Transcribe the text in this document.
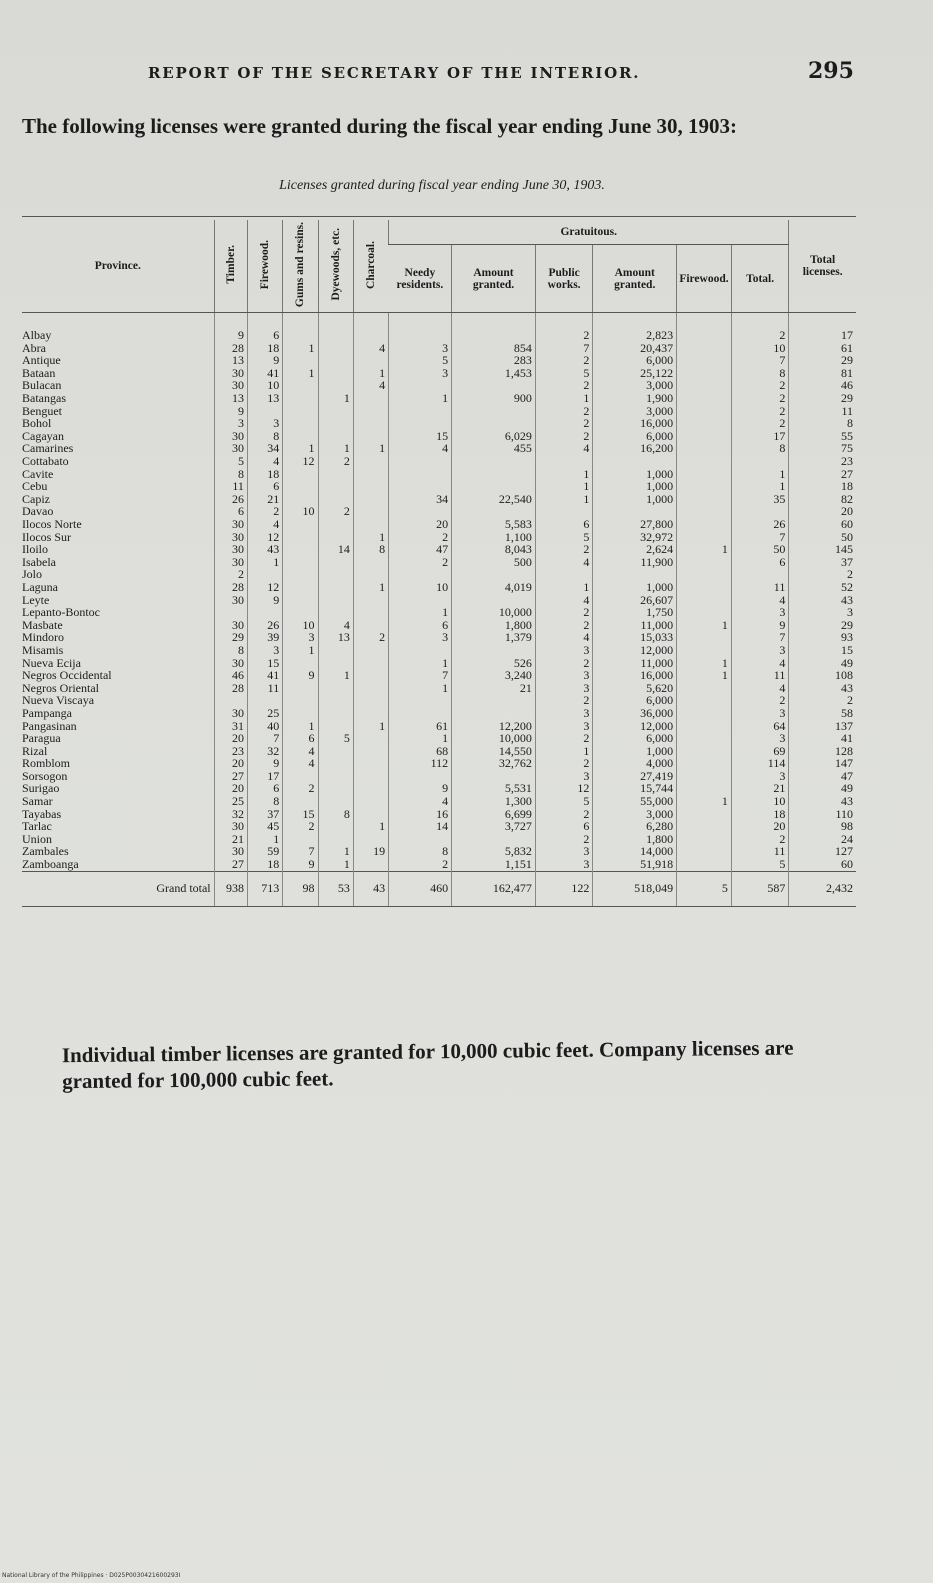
REPORT OF THE SECRETARY OF THE INTERIOR.	295
The following licenses were granted during the fiscal year ending June 30, 1903:
Licenses granted during fiscal year ending June 30, 1903.
Province.	Timber.	Firewood.	Gums and resins.	Dyewoods, etc.	Charcoal.	Gratuitous.						Total licenses.
						Needy residents.	Amount granted.	Public works.	Amount granted.	Firewood.	Total.	
Albay	9	6						2	2,823		2	17
Abra	28	18	1		4	3	854	7	20,437		10	61
Antique	13	9				5	283	2	6,000		7	29
Bataan	30	41	1		1	3	1,453	5	25,122		8	81
Bulacan	30	10			4			2	3,000		2	46
Batangas	13	13		1		1	900	1	1,900		2	29
Benguet	9							2	3,000		2	11
Bohol	3	3						2	16,000		2	8
Cagayan	30	8				15	6,029	2	6,000		17	55
Camarines	30	34	1	1	1	4	455	4	16,200		8	75
Cottabato	5	4	12	2								23
Cavite	8	18						1	1,000		1	27
Cebu	11	6						1	1,000		1	18
Capiz	26	21				34	22,540	1	1,000		35	82
Davao	6	2	10	2								20
Ilocos Norte	30	4				20	5,583	6	27,800		26	60
Ilocos Sur	30	12			1	2	1,100	5	32,972		7	50
Iloilo	30	43		14	8	47	8,043	2	2,624	1	50	145
Isabela	30	1				2	500	4	11,900		6	37
Jolo	2											2
Laguna	28	12			1	10	4,019	1	1,000		11	52
Leyte	30	9						4	26,607		4	43
Lepanto-Bontoc						1	10,000	2	1,750		3	3
Masbate	30	26	10	4		6	1,800	2	11,000	1	9	29
Mindoro	29	39	3	13	2	3	1,379	4	15,033		7	93
Misamis	8	3	1					3	12,000		3	15
Nueva Ecija	30	15				1	526	2	11,000	1	4	49
Negros Occidental	46	41	9	1		7	3,240	3	16,000	1	11	108
Negros Oriental	28	11				1	21	3	5,620		4	43
Nueva Viscaya								2	6,000		2	2
Pampanga	30	25						3	36,000		3	58
Pangasinan	31	40	1		1	61	12,200	3	12,000		64	137
Paragua	20	7	6	5		1	10,000	2	6,000		3	41
Rizal	23	32	4			68	14,550	1	1,000		69	128
Romblom	20	9	4			112	32,762	2	4,000		114	147
Sorsogon	27	17						3	27,419		3	47
Surigao	20	6	2			9	5,531	12	15,744		21	49
Samar	25	8				4	1,300	5	55,000	1	10	43
Tayabas	32	37	15	8		16	6,699	2	3,000		18	110
Tarlac	30	45	2		1	14	3,727	6	6,280		20	98
Union	21	1						2	1,800		2	24
Zambales	30	59	7	1	19	8	5,832	3	14,000		11	127
Zamboanga	27	18	9	1		2	1,151	3	51,918		5	60
Grand total	938	713	98	53	43	460	162,477	122	518,049	5	587	2,432
Individual timber licenses are granted for 10,000 cubic feet. Company licenses are granted for 100,000 cubic feet.
National Library of the Philippines · D025P0030421600293I
